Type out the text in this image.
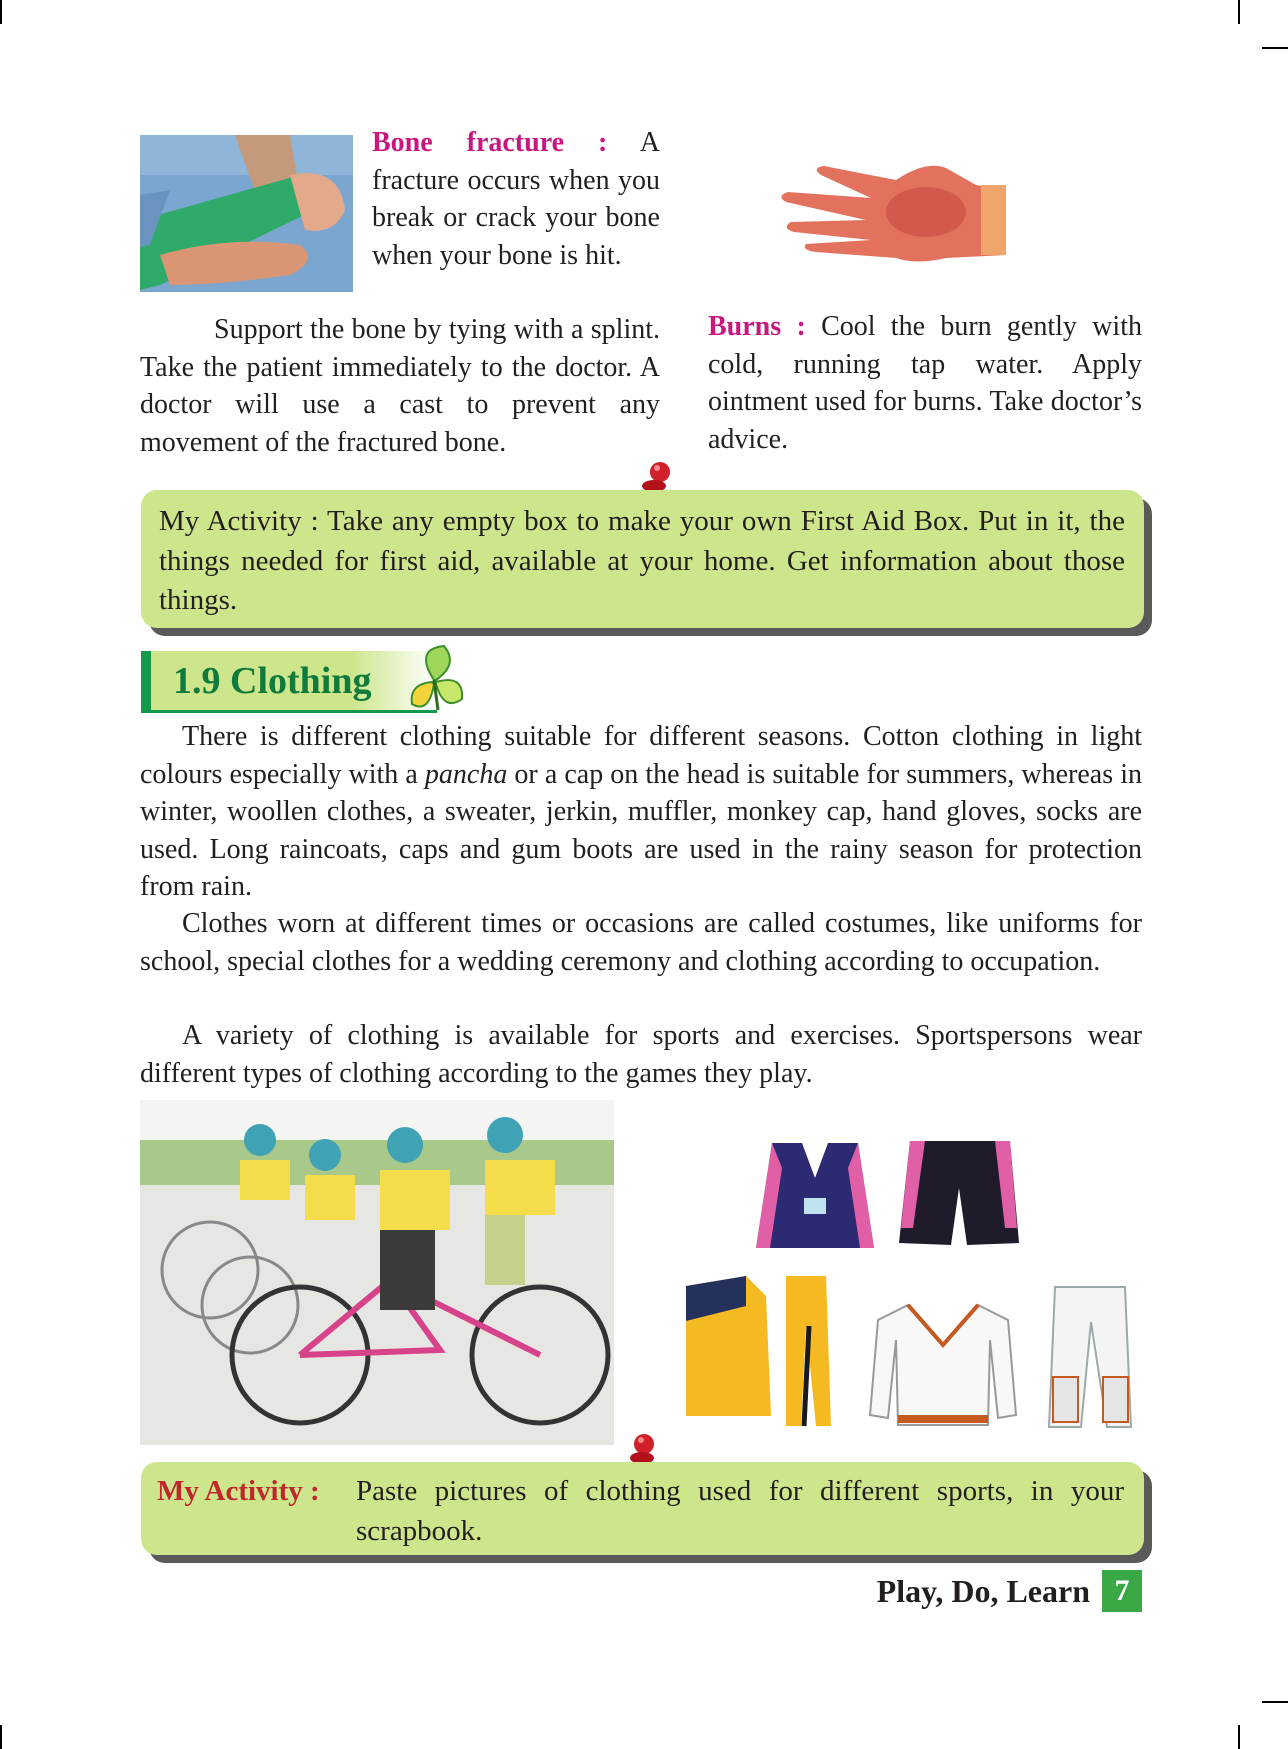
Bone fracture : A fracture occurs when you break or crack your bone when your bone is hit.

Support the bone by tying with a splint. Take the patient immediately to the doctor. A doctor will use a cast to prevent any movement of the fractured bone.

Burns : Cool the burn gently with cold, running tap water. Apply ointment used for burns. Take doctor’s advice.

My Activity : Take any empty box to make your own First Aid Box. Put in it, the things needed for first aid, available at your home. Get information about those things.

1.9 Clothing

There is different clothing suitable for different seasons. Cotton clothing in light colours especially with a pancha or a cap on the head is suitable for summers, whereas in winter, woollen clothes, a sweater, jerkin, muffler, monkey cap, hand gloves, socks are used. Long raincoats, caps and gum boots are used in the rainy season for protection from rain.

Clothes worn at different times or occasions are called costumes, like uniforms for school, special clothes for a wedding ceremony and clothing according to occupation.

A variety of clothing is available for sports and exercises. Sportspersons wear different types of clothing according to the games they play.

My Activity :	Paste pictures of clothing used for different sports, in your scrapbook.

Play, Do, Learn 7
